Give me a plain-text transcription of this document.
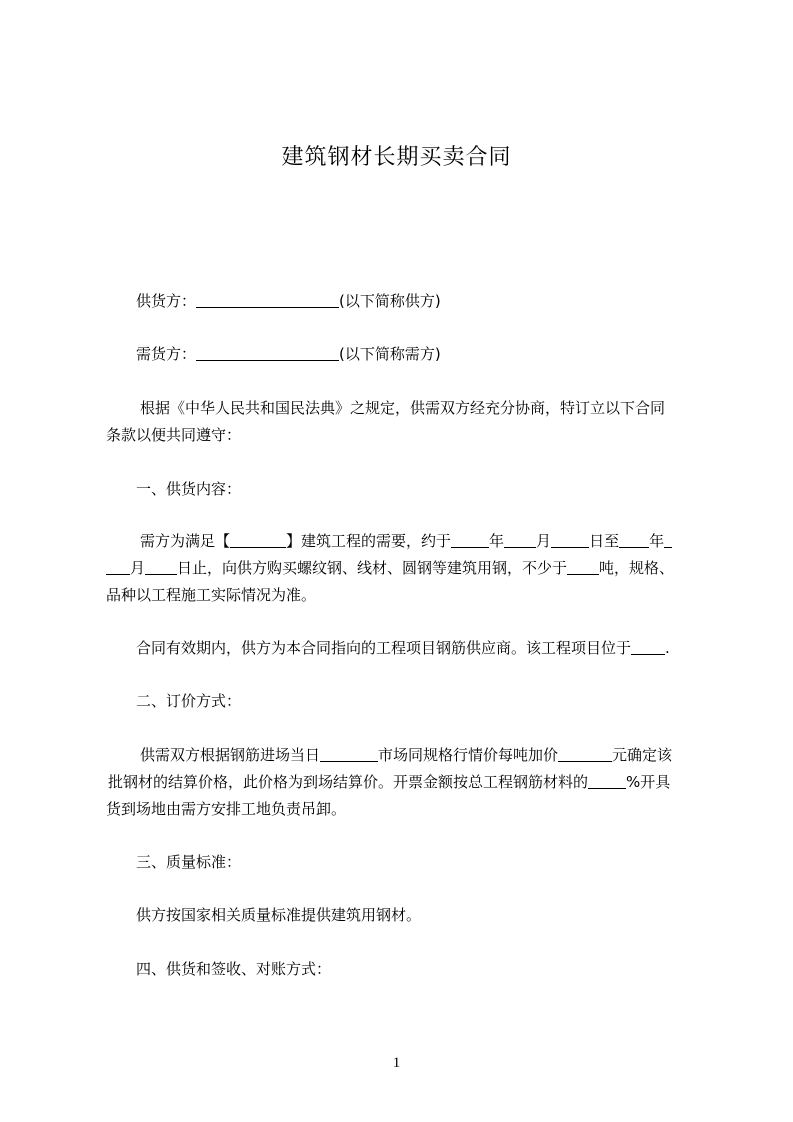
建筑钢材长期买卖合同
供货方：	(以下简称供方)
需货方：	(以下简称需方)
根据《中华人民共和国民法典》之规定，供需双方经充分协商，特订立以下合同
条款以便共同遵守：
一、供货内容：
需方为满足【	】建筑工程的需要，约于	年 月	日至 年
月 日止，向供方购买螺纹钢、线材、圆钢等建筑用钢，不少于 吨，规格、
品种以工程施工实际情况为准。
合同有效期内，供方为本合同指向的工程项目钢筋供应商。该工程项目位于 .
二、订价方式：
供需双方根据钢筋进场当日	市场同规格行情价每吨加价	元确定该
批钢材的结算价格，此价格为到场结算价。开票金额按总工程钢筋材料的	%开具
货到场地由需方安排工地负责吊卸。
三、质量标准：
供方按国家相关质量标准提供建筑用钢材。
四、供货和签收、对账方式：
1
